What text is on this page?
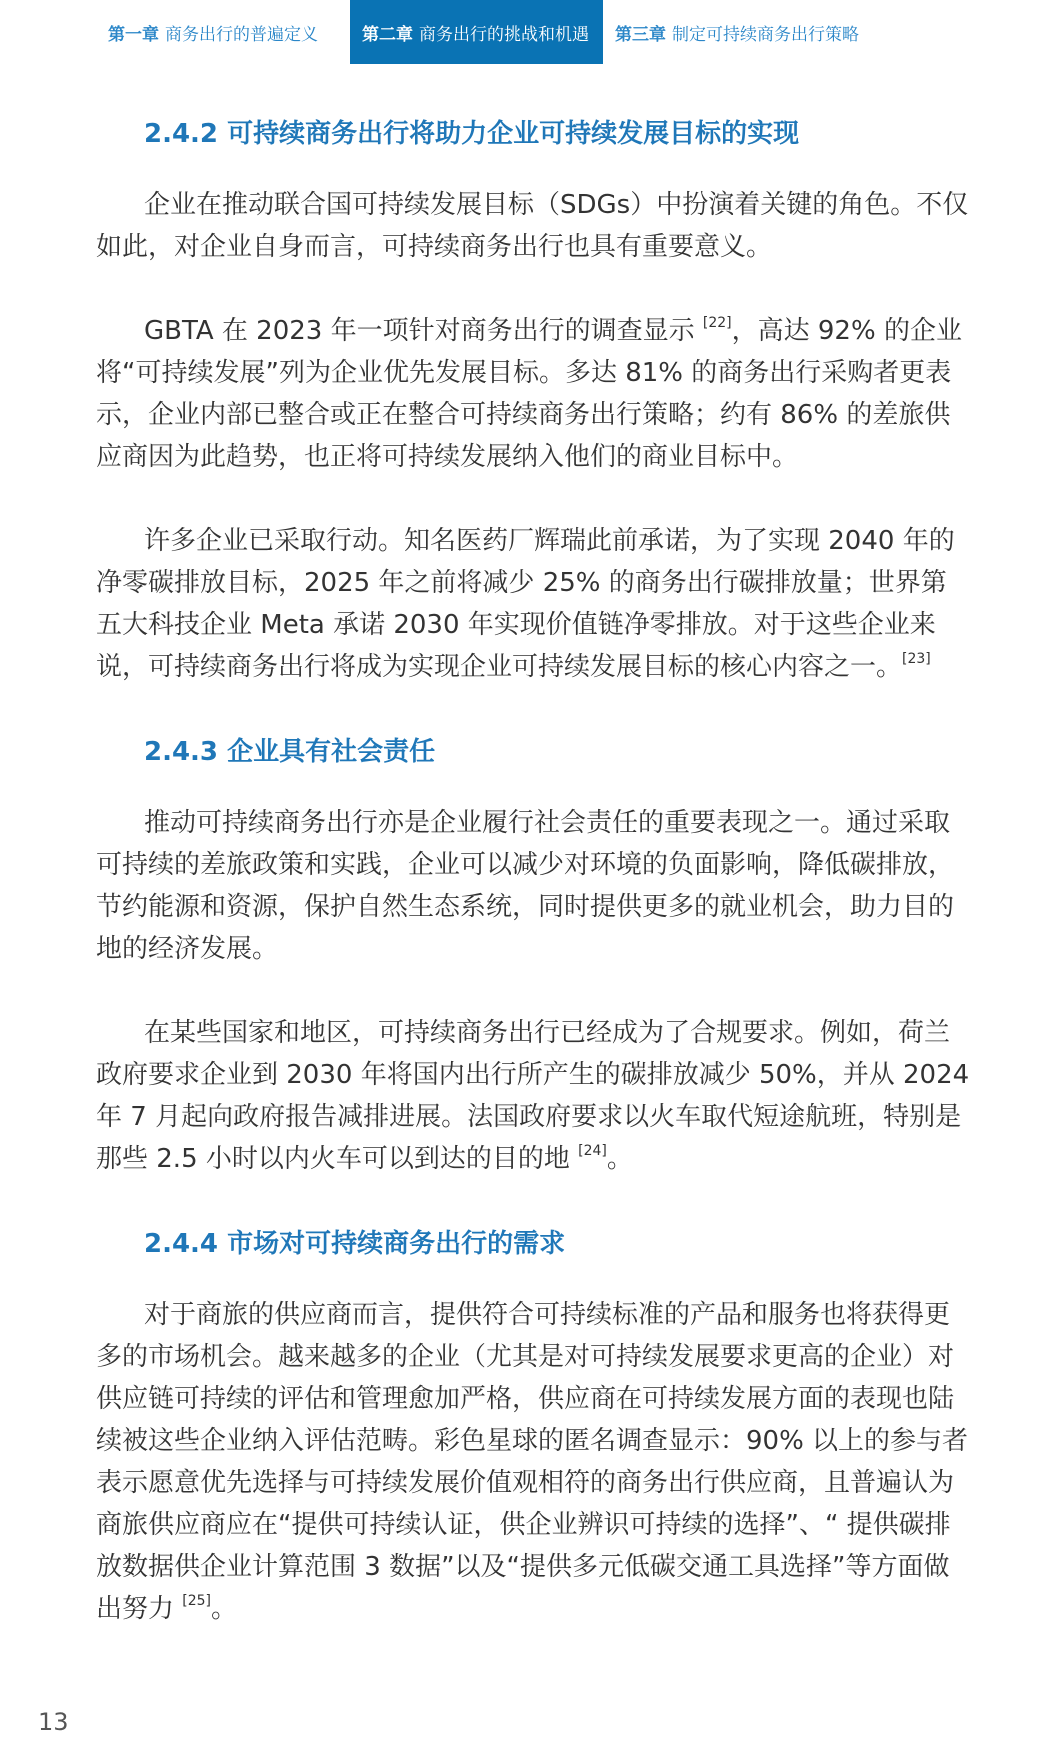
第一章 商务出行的普遍定义	第二章 商务出行的挑战和机遇 第三章 制定可持续商务出行策略
2.4.2 可持续商务出行将助力企业可持续发展目标的实现

企业在推动联合国可持续发展目标（SDGs）中扮演着关键的角色。不仅如此，对企业自身而言，可持续商务出行也具有重要意义。

GBTA 在 2023 年一项针对商务出行的调查显示 [22]，高达 92% 的企业将“可持续发展”列为企业优先发展目标。多达 81% 的商务出行采购者更表示，企业内部已整合或正在整合可持续商务出行策略；约有 86% 的差旅供应商因为此趋势，也正将可持续发展纳入他们的商业目标中。

许多企业已采取行动。知名医药厂辉瑞此前承诺，为了实现 2040 年的净零碳排放目标，2025 年之前将减少 25% 的商务出行碳排放量；世界第五大科技企业 Meta 承诺 2030 年实现价值链净零排放。对于这些企业来说，可持续商务出行将成为实现企业可持续发展目标的核心内容之一。[23]

2.4.3 企业具有社会责任

推动可持续商务出行亦是企业履行社会责任的重要表现之一。通过采取可持续的差旅政策和实践，企业可以减少对环境的负面影响，降低碳排放，节约能源和资源，保护自然生态系统，同时提供更多的就业机会，助力目的地的经济发展。

在某些国家和地区，可持续商务出行已经成为了合规要求。例如，荷兰政府要求企业到 2030 年将国内出行所产生的碳排放减少 50%，并从 2024 年 7 月起向政府报告减排进展。法国政府要求以火车取代短途航班，特别是那些 2.5 小时以内火车可以到达的目的地 [24]。

2.4.4 市场对可持续商务出行的需求

对于商旅的供应商而言，提供符合可持续标准的产品和服务也将获得更多的市场机会。越来越多的企业（尤其是对可持续发展要求更高的企业）对供应链可持续的评估和管理愈加严格，供应商在可持续发展方面的表现也陆续被这些企业纳入评估范畴。彩色星球的匿名调查显示：90% 以上的参与者表示愿意优先选择与可持续发展价值观相符的商务出行供应商，且普遍认为商旅供应商应在“提供可持续认证，供企业辨识可持续的选择”、“ 提供碳排放数据供企业计算范围 3 数据”以及“提供多元低碳交通工具选择”等方面做出努力 [25]。

13
